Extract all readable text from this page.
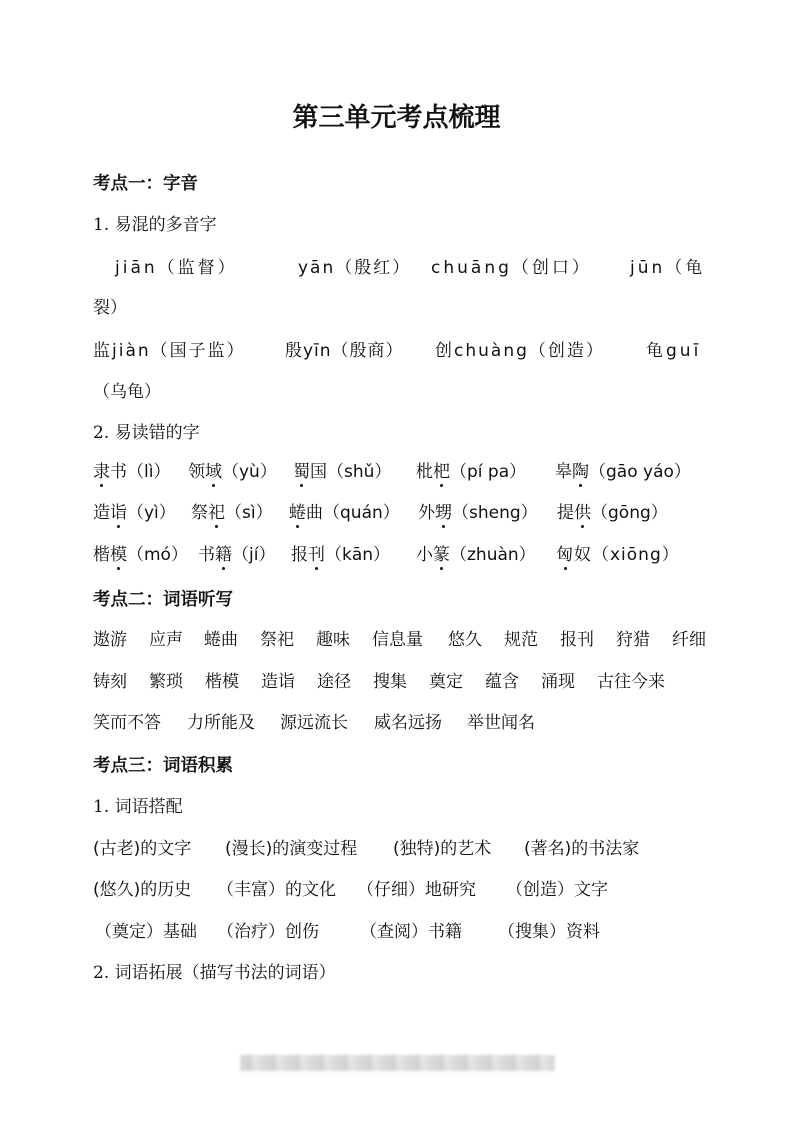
第三单元考点梳理
考点一：字音
1. 易混的多音字
jiān（监督）	yān（殷红） chuāng（创口） jūn（龟
裂）
监jiàn（国子监） 殷yīn（殷商） 创chuàng（创造） 龟guī
（乌龟）
2. 易读错的字
隶书（lì） 领域（yù） 蜀国（shǔ） 枇杷（pí pa） 皋陶（gāo yáo）
造诣（yì） 祭祀（sì） 蜷曲（quán） 外甥（sheng） 提供（gōng）
楷模（mó） 书籍（jí） 报刊（kān） 小篆（zhuàn） 匈奴（xiōng）
考点二：词语听写
遨游 应声 蜷曲 祭祀 趣味 信息量 悠久 规范 报刊 狩猎 纤细
铸刻 繁琐 楷模 造诣 途径 搜集 奠定 蕴含 涌现 古往今来
笑而不答 力所能及 源远流长 威名远扬 举世闻名
考点三：词语积累
1. 词语搭配
(古老)的文字 (漫长)的演变过程 (独特)的艺术 (著名)的书法家
(悠久)的历史 （丰富）的文化 （仔细）地研究 （创造）文字
（奠定）基础 （治疗）创伤 （查阅）书籍 （搜集）资料
2. 词语拓展（描写书法的词语）
